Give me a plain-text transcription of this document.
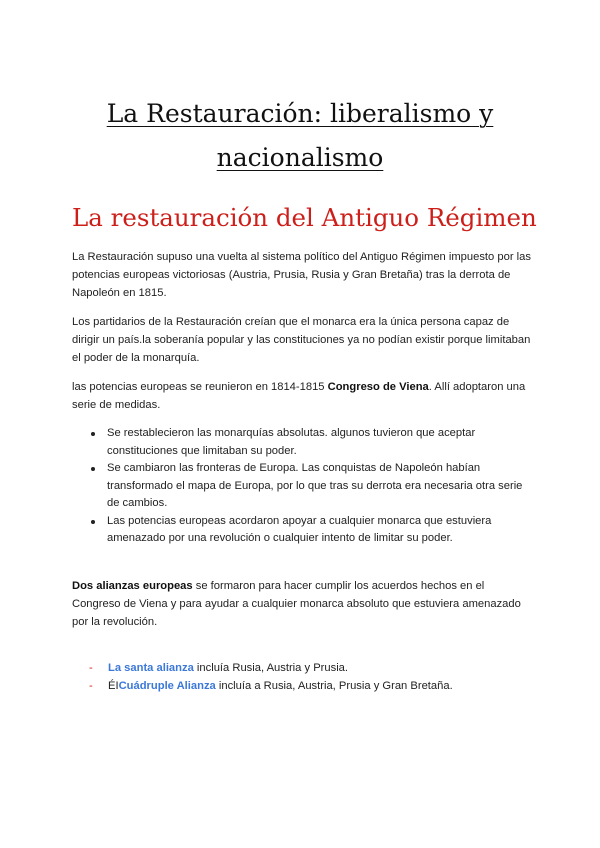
La Restauración: liberalismo y nacionalismo
La restauración del Antiguo Régimen

La Restauración supuso una vuelta al sistema político del Antiguo Régimen impuesto por las potencias europeas victoriosas (Austria, Prusia, Rusia y Gran Bretaña) tras la derrota de Napoleón en 1815.

Los partidarios de la Restauración creían que el monarca era la única persona capaz de dirigir un país.la soberanía popular y las constituciones ya no podían existir porque limitaban el poder de la monarquía.

las potencias europeas se reunieron en 1814-1815 Congreso de Viena. Allí adoptaron una serie de medidas.

Se restablecieron las monarquías absolutas. algunos tuvieron que aceptar constituciones que limitaban su poder.
Se cambiaron las fronteras de Europa. Las conquistas de Napoleón habían transformado el mapa de Europa, por lo que tras su derrota era necesaria otra serie de cambios.
Las potencias europeas acordaron apoyar a cualquier monarca que estuviera amenazado por una revolución o cualquier intento de limitar su poder.

Dos alianzas europeas se formaron para hacer cumplir los acuerdos hechos en el Congreso de Viena y para ayudar a cualquier monarca absoluto que estuviera amenazado por la revolución.

- La santa alianza incluía Rusia, Austria y Prusia.
- ÉICuádruple Alianza incluía a Rusia, Austria, Prusia y Gran Bretaña.
